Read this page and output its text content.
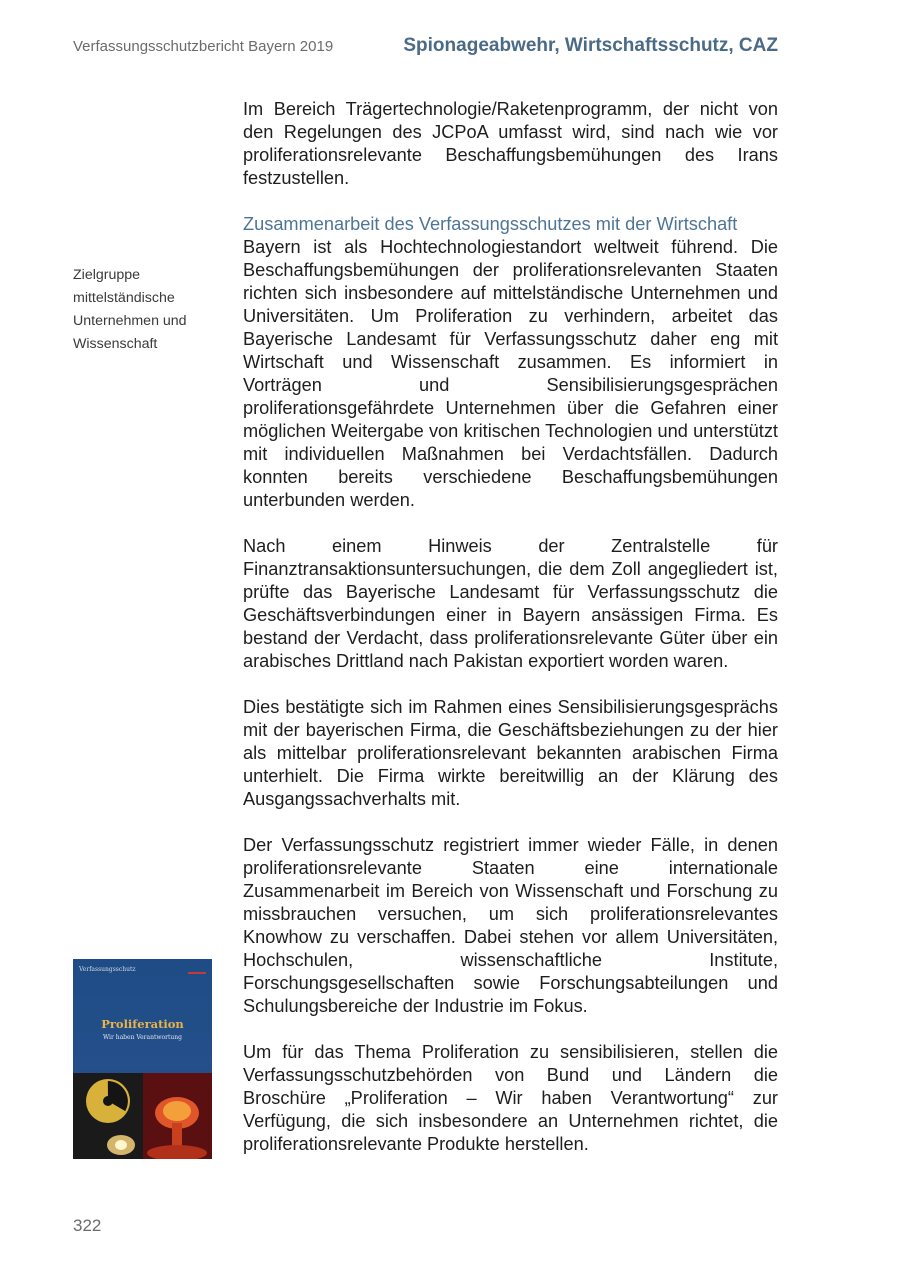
Verfassungsschutzbericht Bayern 2019	Spionageabwehr, Wirtschaftsschutz, CAZ

Im Bereich Trägertechnologie/Raketenprogramm, der nicht von den Regelungen des JCPoA umfasst wird, sind nach wie vor proliferationsrelevante Beschaffungsbemühungen des Irans festzustellen.

Zusammenarbeit des Verfassungsschutzes mit der Wirtschaft

Bayern ist als Hochtechnologiestandort weltweit führend. Die Beschaffungsbemühungen der proliferationsrelevanten Staaten richten sich insbesondere auf mittelständische Unternehmen und Universitäten. Um Proliferation zu verhindern, arbeitet das Bayerische Landesamt für Verfassungsschutz daher eng mit Wirtschaft und Wissenschaft zusammen. Es informiert in Vorträgen und Sensibilisierungsgesprächen proliferationsgefährdete Unternehmen über die Gefahren einer möglichen Weitergabe von kritischen Technologien und unterstützt mit individuellen Maßnahmen bei Verdachtsfällen. Dadurch konnten bereits verschiedene Beschaffungsbemühungen unterbunden werden.

Nach einem Hinweis der Zentralstelle für Finanztransaktionsuntersuchungen, die dem Zoll angegliedert ist, prüfte das Bayerische Landesamt für Verfassungsschutz die Geschäftsverbindungen einer in Bayern ansässigen Firma. Es bestand der Verdacht, dass proliferationsrelevante Güter über ein arabisches Drittland nach Pakistan exportiert worden waren.

Dies bestätigte sich im Rahmen eines Sensibilisierungsgesprächs mit der bayerischen Firma, die Geschäftsbeziehungen zu der hier als mittelbar proliferationsrelevant bekannten arabischen Firma unterhielt. Die Firma wirkte bereitwillig an der Klärung des Ausgangssachverhalts mit.

Der Verfassungsschutz registriert immer wieder Fälle, in denen proliferationsrelevante Staaten eine internationale Zusammenarbeit im Bereich von Wissenschaft und Forschung zu missbrauchen versuchen, um sich proliferationsrelevantes Knowhow zu verschaffen. Dabei stehen vor allem Universitäten, Hochschulen, wissenschaftliche Institute, Forschungsgesellschaften sowie Forschungsabteilungen und Schulungsbereiche der Industrie im Fokus.

Um für das Thema Proliferation zu sensibilisieren, stellen die Verfassungsschutzbehörden von Bund und Ländern die Broschüre „Proliferation – Wir haben Verantwortung“ zur Verfügung, die sich insbesondere an Unternehmen richtet, die proliferationsrelevante Produkte herstellen.

Zielgruppe mittelständische Unternehmen und Wissenschaft
Verfassungsschutz
Proliferation
Wir haben Verantwortung
322
